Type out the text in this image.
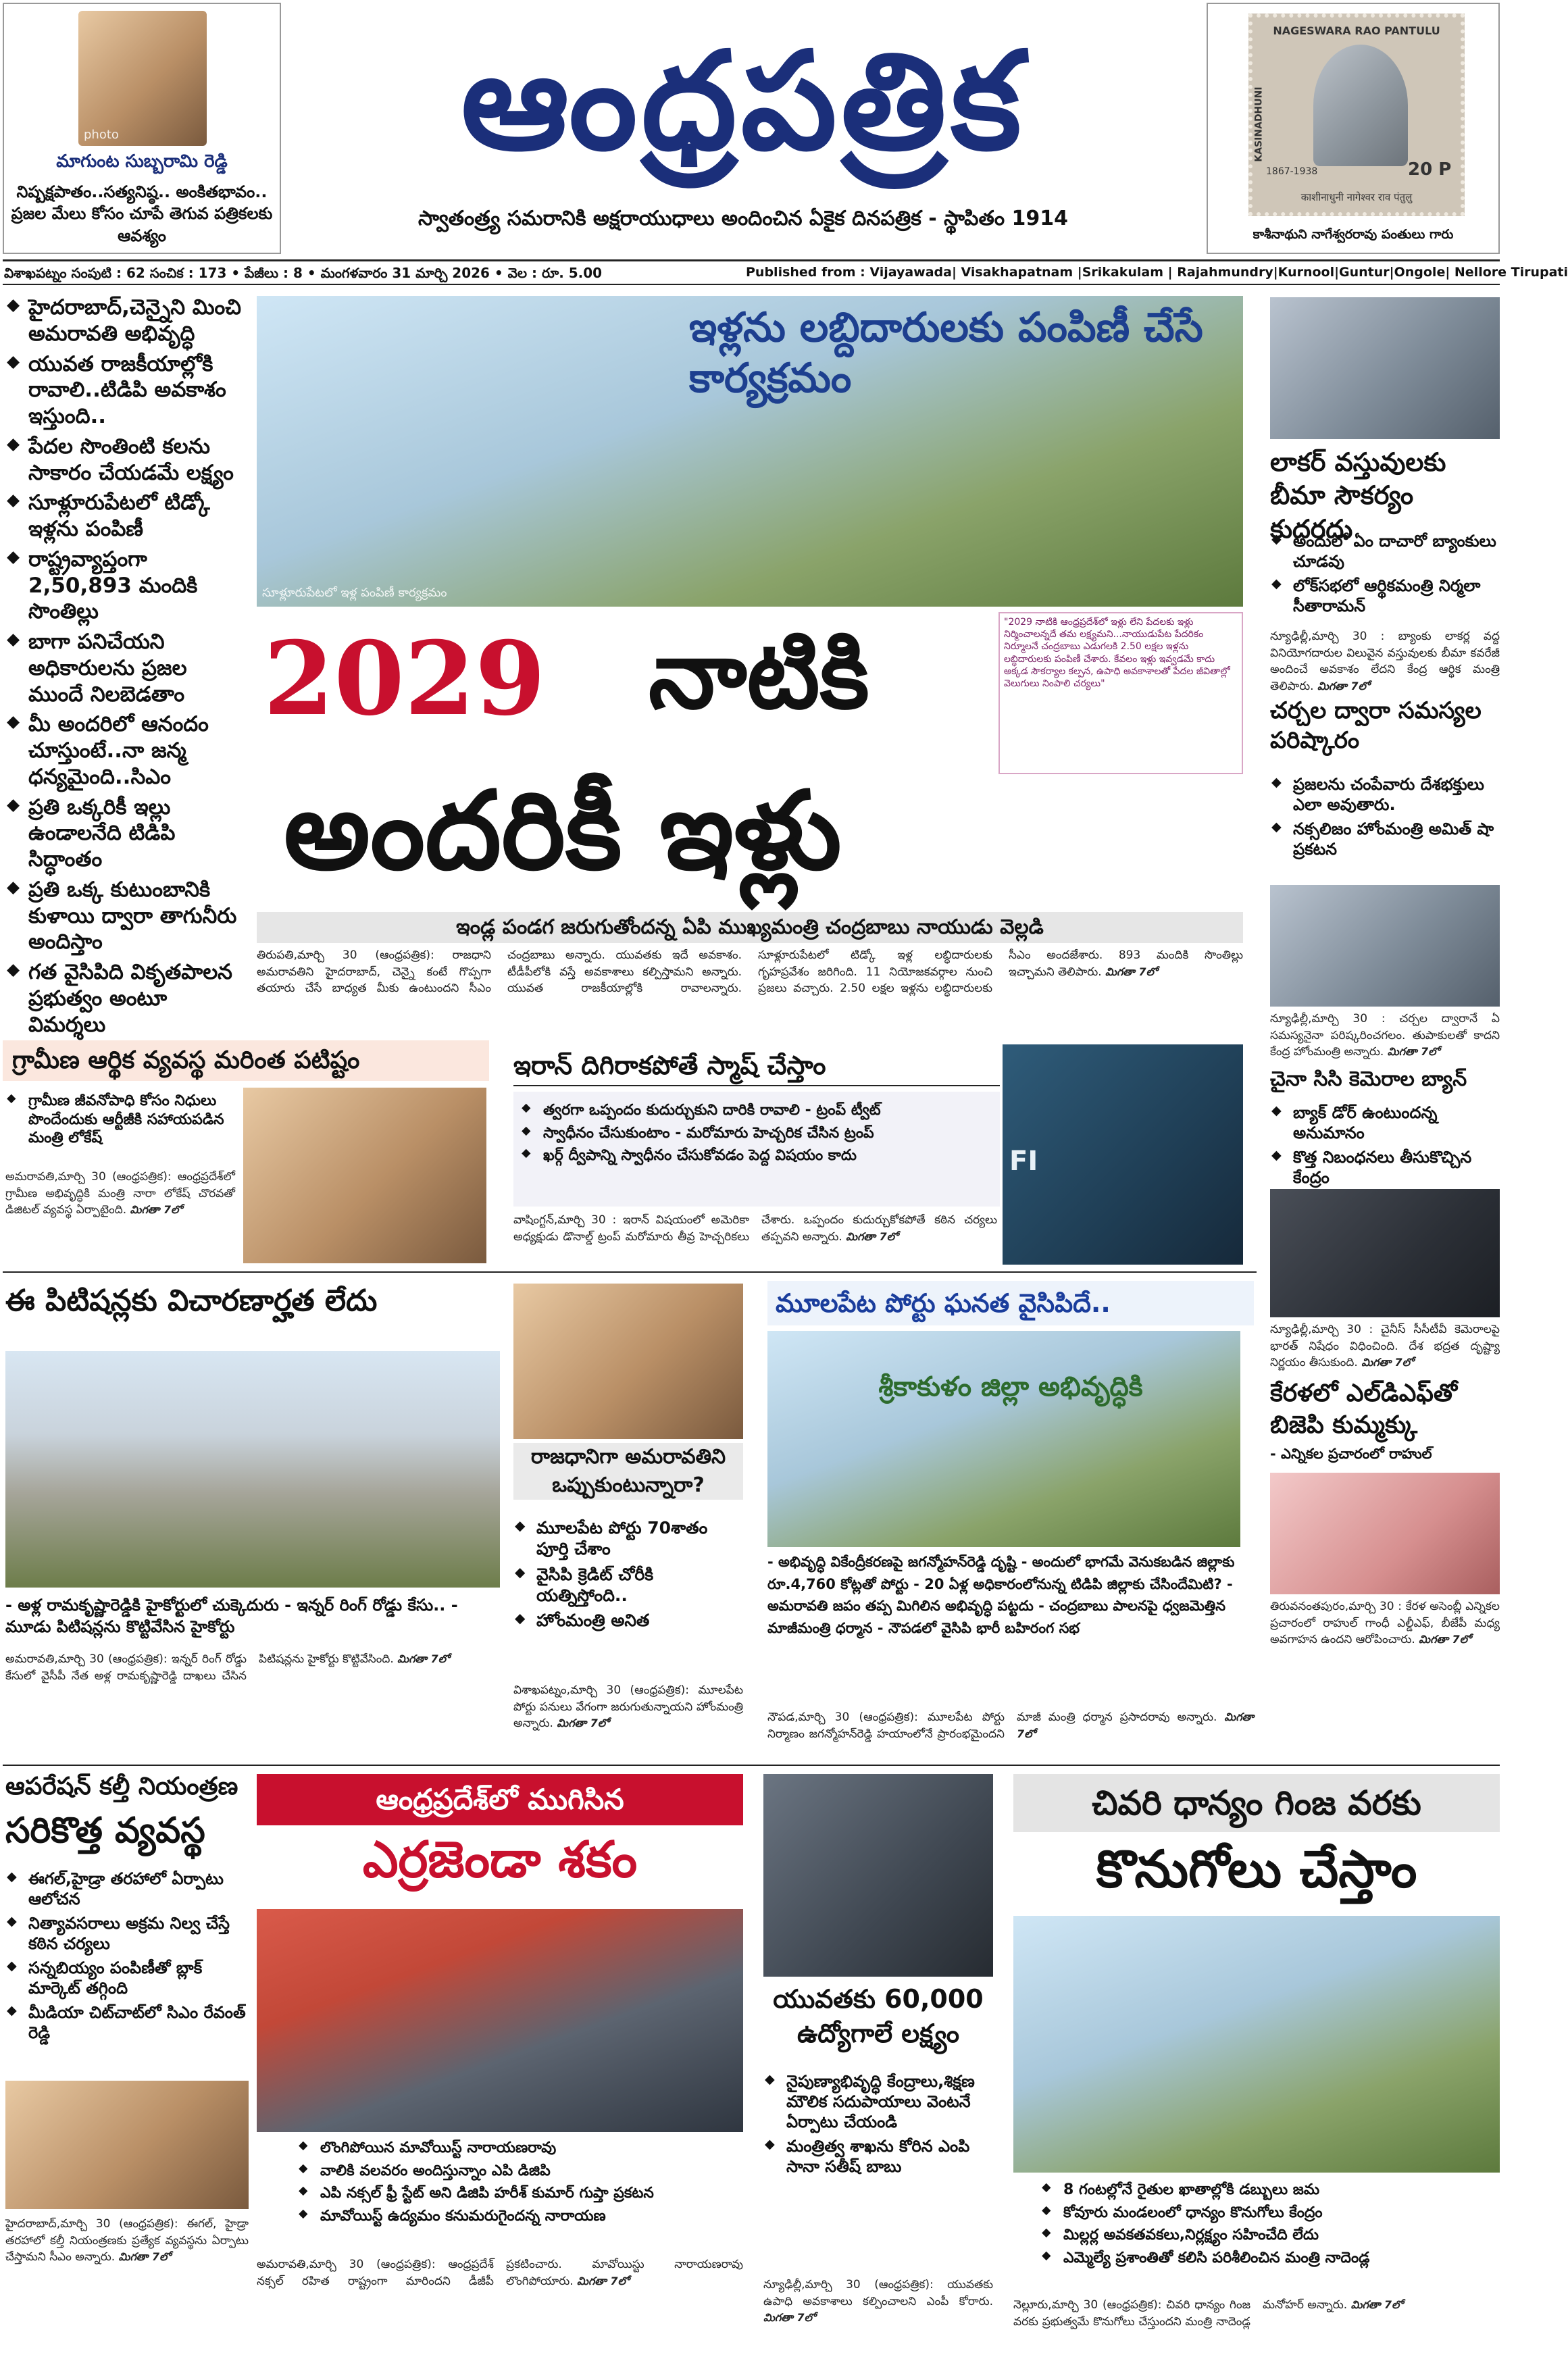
photo
మాగుంట సుబ్బరామి రెడ్డి
నిష్పక్షపాతం..సత్యనిష్ఠ.. అంకితభావం.. ప్రజల మేలు కోసం చూపే తెగువ పత్రికలకు ఆవశ్యం
ఆంధ్రపత్రిక
స్వాతంత్ర్య సమరానికి అక్షరాయుధాలు అందించిన ఏకైక దినపత్రిక - స్థాపితం 1914
NAGESWARA RAO PANTULU
KASINADHUNI
1867-1938	20 P
काशीनाधुनी नागेश्वर राव पंतुलु
కాశీనాథుని నాగేశ్వరరావు పంతులు గారు
విశాఖపట్నం సంపుటి : 62 సంచిక : 173 • పేజీలు : 8 • మంగళవారం 31 మార్చి 2026 • వెల : రూ. 5.00	Published from : Vijayawada| Visakhapatnam |Srikakulam | Rajahmundry|Kurnool|Guntur|Ongole| Nellore Tirupati
◆ హైదరాబాద్,చెన్నైని మించి అమరావతి అభివృద్ధి
◆ యువత రాజకీయాల్లోకి రావాలి..టిడిపి అవకాశం ఇస్తుంది..
◆ పేదల సొంతింటి కలను సాకారం చేయడమే లక్ష్యం
◆ సూళ్లూరుపేటలో టిడ్కో ఇళ్లను పంపిణీ
◆ రాష్ట్రవ్యాప్తంగా 2,50,893 మందికి సొంతిల్లు
◆ బాగా పనిచేయని అధికారులను ప్రజల ముందే నిలబెడతాం
◆ మీ అందరిలో ఆనందం చూస్తుంటే..నా జన్మ ధన్యమైంది..సిఎం
◆ ప్రతి ఒక్కరికీ ఇల్లు ఉండాలనేది టిడిపి సిద్ధాంతం
◆ ప్రతి ఒక్క కుటుంబానికి కుళాయి ద్వారా తాగునీరు అందిస్తాం
◆ గత వైసిపిది వికృతపాలన ప్రభుత్వం అంటూ విమర్శలు
ఇళ్లను లబ్దిదారులకు పంపిణీ చేసే కార్యక్రమం
సూళ్లూరుపేటలో ఇళ్ల పంపిణీ కార్యక్రమం
"2029 నాటికి ఆంధ్రప్రదేశ్‌లో ఇళ్లు లేని పేదలకు ఇళ్లు నిర్మించాలన్నదే తమ లక్ష్యమని...నాయుడుపేట పేదరికం నిర్మూలనే చంద్రబాబు ఎడుగలకి 2.50 లక్షల ఇళ్లను లబ్ధిదారులకు పంపిణీ చేశారు. కేవలం ఇళ్లు ఇవ్వడమే కాదు అక్కడ సౌకర్యాల కల్పన, ఉపాధి అవకాశాలతో పేదల జీవితాల్లో వెలుగులు నింపాలి చర్యలు"
2029 నాటికి
అందరికీ ఇళ్లు
ఇండ్ల పండగ జరుగుతోందన్న ఏపి ముఖ్యమంత్రి చంద్రబాబు నాయుడు వెల్లడి
తిరుపతి,మార్చి 30 (ఆంధ్రపత్రిక): రాజధాని అమరావతిని హైదరాబాద్, చెన్నై కంటే గొప్పగా తయారు చేసే బాధ్యత మీకు ఉంటుందని సీఎం చంద్రబాబు అన్నారు. యువతకు ఇదే అవకాశం. టీడీపీలోకి వస్తే అవకాశాలు కల్పిస్తామని అన్నారు. యువత రాజకీయాల్లోకి రావాలన్నారు. సూళ్లూరుపేటలో టిడ్కో ఇళ్ల లబ్ధిదారులకు గృహప్రవేశం జరిగింది. 11 నియోజకవర్గాల నుంచి ప్రజలు వచ్చారు. 2.50 లక్షల ఇళ్లను లబ్ధిదారులకు సీఎం అందజేశారు. 893 మందికి సొంతిల్లు ఇచ్చామని తెలిపారు. మిగతా 7లో
లాకర్ వస్తువులకు బీమా సౌకర్యం కుదరదు
◆ అందులో ఏం దాచారో బ్యాంకులు చూడవు
◆ లోక్‌సభలో ఆర్థికమంత్రి నిర్మలా సీతారామన్
న్యూఢిల్లీ,మార్చి 30 : బ్యాంకు లాకర్ల వద్ద వినియోగదారుల విలువైన వస్తువులకు బీమా కవరేజీ అందించే అవకాశం లేదని కేంద్ర ఆర్థిక మంత్రి తెలిపారు. మిగతా 7లో
చర్చల ద్వారా సమస్యల పరిష్కారం
◆ ప్రజలను చంపేవారు దేశభక్తులు ఎలా అవుతారు.
◆ నక్సలిజం హోంమంత్రి అమిత్ షా ప్రకటన
న్యూఢిల్లీ,మార్చి 30 : చర్చల ద్వారానే ఏ సమస్యనైనా పరిష్కరించగలం. తుపాకులతో కాదని కేంద్ర హోంమంత్రి అన్నారు. మిగతా 7లో
చైనా సిసి కెమెరాల బ్యాన్
◆ బ్యాక్ డోర్ ఉంటుందన్న అనుమానం
◆ కొత్త నిబంధనలు తీసుకొచ్చిన కేంద్రం
న్యూఢిల్లీ,మార్చి 30 : చైనీస్ సీసీటీవీ కెమెరాలపై భారత్ నిషేధం విధించింది. దేశ భద్రత దృష్ట్యా నిర్ణయం తీసుకుంది. మిగతా 7లో
కేరళలో ఎల్‌డిఎఫ్‌తో బిజెపి కుమ్మక్కు
- ఎన్నికల ప్రచారంలో రాహుల్
తిరువనంతపురం,మార్చి 30 : కేరళ అసెంబ్లీ ఎన్నికల ప్రచారంలో రాహుల్ గాంధీ ఎల్డీఎఫ్, బీజేపీ మధ్య అవగాహన ఉందని ఆరోపించారు. మిగతా 7లో
గ్రామీణ ఆర్థిక వ్యవస్థ మరింత పటిష్టం
◆ గ్రామీణ జీవనోపాధి కోసం నిధులు పొందేందుకు ఆర్టీజీకి సహాయపడిన మంత్రి లోకేష్
అమరావతి,మార్చి 30 (ఆంధ్రపత్రిక): ఆంధ్రప్రదేశ్‌లో గ్రామీణ అభివృద్ధికి మంత్రి నారా లోకేష్ చొరవతో డిజిటల్ వ్యవస్థ ఏర్పాటైంది. మిగతా 7లో
ఇరాన్ దిగిరాకపోతే స్మాష్ చేస్తాం
◆ త్వరగా ఒప్పందం కుదుర్చుకుని దారికి రావాలి - ట్రంప్ ట్వీట్
◆ స్వాధీనం చేసుకుంటాం - మరోమారు హెచ్చరిక చేసిన ట్రంప్
◆ ఖర్గ్ ద్వీపాన్ని స్వాధీనం చేసుకోవడం పెద్ద విషయం కాదు	FI
వాషింగ్టన్,మార్చి 30 : ఇరాన్ విషయంలో అమెరికా అధ్యక్షుడు డొనాల్డ్ ట్రంప్ మరోమారు తీవ్ర హెచ్చరికలు చేశారు. ఒప్పందం కుదుర్చుకోకపోతే కఠిన చర్యలు తప్పవని అన్నారు. మిగతా 7లో
ఈ పిటిషన్లకు విచారణార్హత లేదు
- అళ్ల రామకృష్ణారెడ్డికి హైకోర్టులో చుక్కెదురు - ఇన్నర్ రింగ్ రోడ్డు కేసు.. - మూడు పిటిషన్లను కొట్టివేసిన హైకోర్టు
అమరావతి,మార్చి 30 (ఆంధ్రపత్రిక): ఇన్నర్ రింగ్ రోడ్డు కేసులో వైసీపీ నేత అళ్ల రామకృష్ణారెడ్డి దాఖలు చేసిన పిటిషన్లను హైకోర్టు కొట్టివేసింది. మిగతా 7లో
రాజధానిగా అమరావతిని ఒప్పుకుంటున్నారా?
◆ మూలపేట పోర్టు 70శాతం పూర్తి చేశాం
◆ వైసిపి క్రెడిట్ చోరీకి యత్నిస్తోంది..
◆ హోంమంత్రి అనిత
విశాఖపట్నం,మార్చి 30 (ఆంధ్రపత్రిక): మూలపేట పోర్టు పనులు వేగంగా జరుగుతున్నాయని హోంమంత్రి అన్నారు. మిగతా 7లో
మూలపేట పోర్టు ఘనత వైసిపిదే..
శ్రీకాకుళం జిల్లా అభివృద్ధికి
- అభివృద్ధి వికేంద్రీకరణపై జగన్మోహన్‌రెడ్డి దృష్టి - అందులో భాగమే వెనుకబడిన జిల్లాకు రూ.4,760 కోట్లతో పోర్టు - 20 ఏళ్ల అధికారంలోనున్న టిడిపి జిల్లాకు చేసిందేమిటి? - అమరావతి జపం తప్ప మిగిలిన అభివృద్ధి పట్టదు - చంద్రబాబు పాలనపై ధ్వజమెత్తిన మాజీమంత్రి ధర్మాన - నౌపడలో వైసిపి భారీ బహిరంగ సభ
నౌపడ,మార్చి 30 (ఆంధ్రపత్రిక): మూలపేట పోర్టు నిర్మాణం జగన్మోహన్‌రెడ్డి హయాంలోనే ప్రారంభమైందని మాజీ మంత్రి ధర్మాన ప్రసాదరావు అన్నారు. మిగతా 7లో
ఆపరేషన్ కల్తీ నియంత్రణ
సరికొత్త వ్యవస్థ
◆ ఈగల్,హైడ్రా తరహాలో ఏర్పాటు ఆలోచన
◆ నిత్యావసరాలు అక్రమ నిల్వ చేస్తే కఠిన చర్యలు
◆ సన్నబియ్యం పంపిణీతో బ్లాక్ మార్కెట్ తగ్గింది
◆ మీడియా చిట్‌చాట్‌లో సిఎం రేవంత్ రెడ్డి
హైదరాబాద్,మార్చి 30 (ఆంధ్రపత్రిక): ఈగల్, హైడ్రా తరహాలో కల్తీ నియంత్రణకు ప్రత్యేక వ్యవస్థను ఏర్పాటు చేస్తామని సీఎం అన్నారు. మిగతా 7లో
ఆంధ్రప్రదేశ్‌లో ముగిసిన
ఎర్రజెండా శకం
◆ లొంగిపోయిన మావోయిస్ట్ నారాయణరావు
◆ వాలికి వలవరం అందిస్తున్నాం ఎపి డిజిపి
◆ ఎపి నక్సల్ ఫ్రీ స్టేట్ అని డిజిపి హరీశ్ కుమార్ గుప్తా ప్రకటన
◆ మావోయిస్ట్ ఉద్యమం కనుమరుగైందన్న నారాయణ
అమరావతి,మార్చి 30 (ఆంధ్రపత్రిక): ఆంధ్రప్రదేశ్ నక్సల్ రహిత రాష్ట్రంగా మారిందని డీజీపీ ప్రకటించారు. మావోయిస్టు నారాయణరావు లొంగిపోయారు. మిగతా 7లో
యువతకు 60,000 ఉద్యోగాలే లక్ష్యం
◆ నైపుణ్యాభివృద్ధి కేంద్రాలు,శిక్షణ మౌలిక సదుపాయాలు వెంటనే ఏర్పాటు చేయండి
◆ మంత్రిత్వ శాఖను కోరిన ఎంపి సానా సతీష్ బాబు
న్యూఢిల్లీ,మార్చి 30 (ఆంధ్రపత్రిక): యువతకు ఉపాధి అవకాశాలు కల్పించాలని ఎంపీ కోరారు. మిగతా 7లో
చివరి ధాన్యం గింజ వరకు
కొనుగోలు చేస్తాం
◆ 8 గంటల్లోనే రైతుల ఖాతాల్లోకి డబ్బులు జమ
◆ కోవూరు మండలంలో ధాన్యం కొనుగోలు కేంద్రం
◆ మిల్లర్ల అవకతవకలు,నిర్లక్ష్యం సహించేది లేదు
◆ ఎమ్మెల్యే ప్రశాంతితో కలిసి పరిశీలించిన మంత్రి నాదెండ్ల
నెల్లూరు,మార్చి 30 (ఆంధ్రపత్రిక): చివరి ధాన్యం గింజ వరకు ప్రభుత్వమే కొనుగోలు చేస్తుందని మంత్రి నాదెండ్ల మనోహర్ అన్నారు. మిగతా 7లో
